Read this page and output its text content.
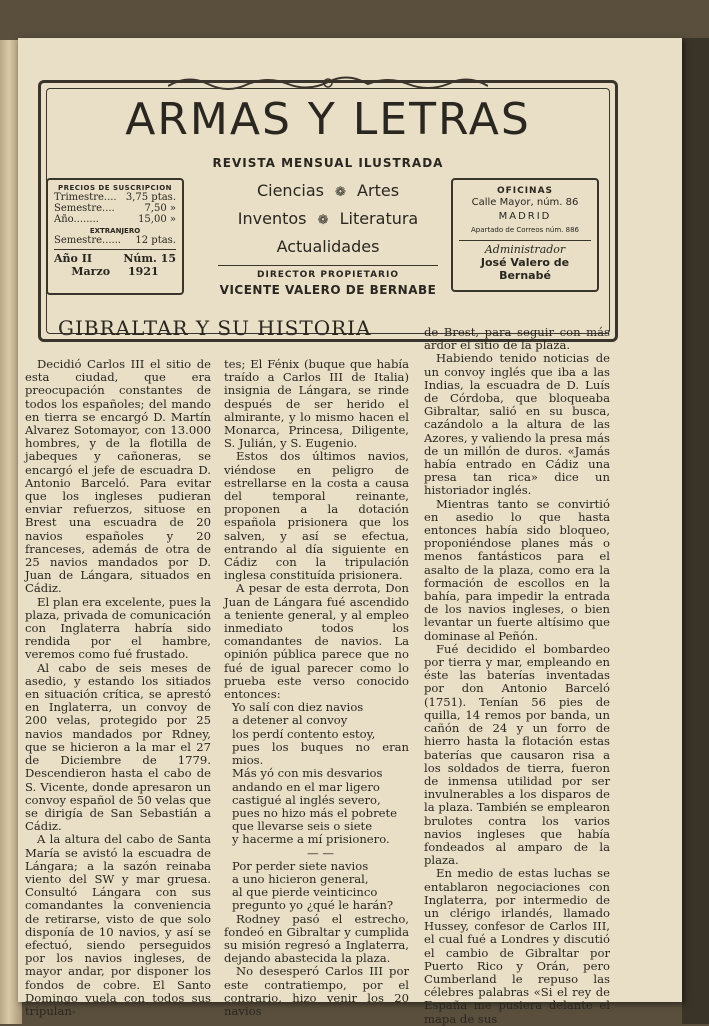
ARMAS Y LETRAS
REVISTA MENSUAL ILUSTRADA
Ciencias ❁ Artes
Inventos ❁ Literatura
Actualidades
DIRECTOR PROPIETARIO
VICENTE VALERO DE BERNABE
PRECIOS DE SUSCRIPCION
Trimestre.... 3,75 ptas.
Semestre....	7,50 »
Año........	15,00 »
EXTRANJERO
Semestre...... 12 ptas.
Año II	Núm. 15
Marzo 1921
OFICINAS
Calle Mayor, núm. 86
MADRID
Apartado de Correos núm. 886
Administrador
José Valero de Bernabé
GIBRALTAR Y SU HISTORIA

Decidió Carlos III el sitio de esta ciudad, que era preocupación constantes de todos los españoles; del mando en tierra se encargó D. Martín Alvarez Sotomayor, con 13.000 hombres, y de la flotilla de jabeques y cañoneras, se encargó el jefe de escuadra D. Antonio Barceló. Para evitar que los ingleses pudieran enviar refuerzos, situose en Brest una escuadra de 20 navios españoles y 20 franceses, además de otra de 25 navios mandados por D. Juan de Lángara, situados en Cádiz.

El plan era excelente, pues la plaza, privada de comunicación con Inglaterra habría sido rendida por el hambre, veremos como fué frustado.

Al cabo de seis meses de asedio, y estando los sitiados en situación crítica, se aprestó en Inglaterra, un convoy de 200 velas, protegido por 25 navios mandados por Rdney, que se hicieron a la mar el 27 de Diciembre de 1779. Descendieron hasta el cabo de S. Vicente, donde apresaron un convoy español de 50 velas que se dirigía de San Sebastián a Cádiz.

A la altura del cabo de Santa María se avistó la escuadra de Lángara; a la sazón reinaba viento del SW y mar gruesa. Consultó Lángara con sus comandantes la conveniencia de retirarse, visto de que solo disponía de 10 navios, y así se efectuó, siendo perseguidos por los navios ingleses, de mayor andar, por disponer los fondos de cobre. El Santo Domingo vuela con todos sus tripulan-

tes; El Fénix (buque que había traído a Carlos III de Italia) insignia de Lángara, se rinde después de ser herido el almirante, y lo mismo hacen el Monarca, Princesa, Diligente, S. Julián, y S. Eugenio.

Estos dos últimos navios, viéndose en peligro de estrellarse en la costa a causa del temporal reinante, proponen a la dotación española prisionera que los salven, y así se efectua, entrando al día siguiente en Cádiz con la tripulación inglesa constituída prisionera.

A pesar de esta derrota, Don Juan de Lángara fué ascendido a teniente general, y al empleo inmediato todos los comandantes de navios. La opinión pública parece que no fué de igual parecer como lo prueba este verso conocido entonces:

Yo salí con diez navios
a detener al convoy
los perdí contento estoy,
pues los buques no eran mios.
Más yó con mis desvarios
andando en el mar ligero
castigué al inglés severo,
pues no hizo más el pobrete
que llevarse seis o siete
y hacerme a mí prisionero.
— —
Por perder siete navios
a uno hicieron general,
al que pierde veinticinco
pregunto yo ¿qué le harán?

Rodney pasó el estrecho, fondeó en Gibraltar y cumplida su misión regresó a Inglaterra, dejando abastecida la plaza.

No desesperó Carlos III por este contratiempo, por el contrario, hizo venir los 20 navios

de Brest, para seguir con más ardor el sitio de la plaza.

Habiendo tenido noticias de un convoy inglés que iba a las Indias, la escuadra de D. Luís de Córdoba, que bloqueaba Gibraltar, salió en su busca, cazándolo a la altura de las Azores, y valiendo la presa más de un millón de duros. «Jamás había entrado en Cádiz una presa tan rica» dice un historiador inglés.

Mientras tanto se convirtió en asedio lo que hasta entonces había sido bloqueo, proponiéndose planes más o menos fantásticos para el asalto de la plaza, como era la formación de escollos en la bahía, para impedir la entrada de los navios ingleses, o bien levantar un fuerte altísimo que dominase al Peñón.

Fué decidido el bombardeo por tierra y mar, empleando en éste las baterías inventadas por don Antonio Barceló (1751). Tenían 56 pies de quilla, 14 remos por banda, un cañón de 24 y un forro de hierro hasta la flotación estas baterías que causaron risa a los soldados de tierra, fueron de inmensa utilidad por ser invulnerables a los disparos de la plaza. También se emplearon brulotes contra los varios navios ingleses que había fondeados al amparo de la plaza.

En medio de estas luchas se entablaron negociaciones con Inglaterra, por intermedio de un clérigo irlandés, llamado Hussey, confesor de Carlos III, el cual fué a Londres y discutió el cambio de Gibraltar por Puerto Rico y Orán, pero Cumberland le repuso las célebres palabras «Si el rey de España me pusiera delante el mapa de sus
